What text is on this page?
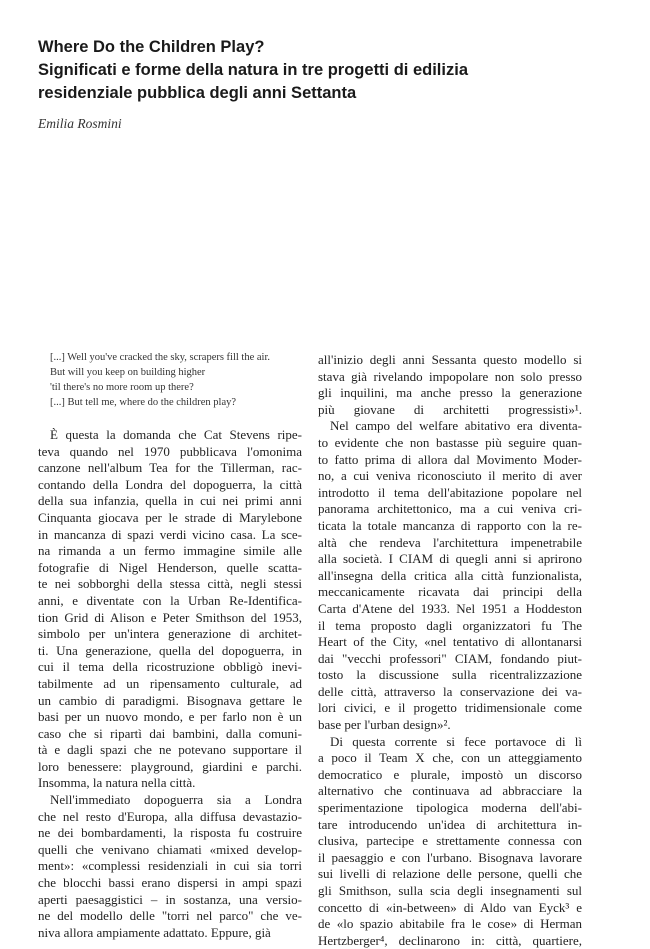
Where Do the Children Play?
Significati e forme della natura in tre progetti di edilizia
residenziale pubblica degli anni Settanta
Emilia Rosmini
[...] Well you've cracked the sky, scrapers fill the air.
But will you keep on building higher
'til there's no more room up there?
[...] But tell me, where do the children play?
È questa la domanda che Cat Stevens ripe-
teva quando nel 1970 pubblicava l'omonima
canzone nell'album Tea for the Tillerman, rac-
contando della Londra del dopoguerra, la città
della sua infanzia, quella in cui nei primi anni
Cinquanta giocava per le strade di Marylebone
in mancanza di spazi verdi vicino casa. La sce-
na rimanda a un fermo immagine simile alle
fotografie di Nigel Henderson, quelle scatta-
te nei sobborghi della stessa città, negli stessi
anni, e diventate con la Urban Re-Identifica-
tion Grid di Alison e Peter Smithson del 1953,
simbolo per un'intera generazione di architet-
ti. Una generazione, quella del dopoguerra, in
cui il tema della ricostruzione obbligò inevi-
tabilmente ad un ripensamento culturale, ad
un cambio di paradigmi. Bisognava gettare le
basi per un nuovo mondo, e per farlo non è un
caso che si ripartì dai bambini, dalla comuni-
tà e dagli spazi che ne potevano supportare il
loro benessere: playground, giardini e parchi.
Insomma, la natura nella città.
Nell'immediato dopoguerra sia a Londra
che nel resto d'Europa, alla diffusa devastazio-
ne dei bombardamenti, la risposta fu costruire
quelli che venivano chiamati «mixed develop-
ment»: «complessi residenziali in cui sia torri
che blocchi bassi erano dispersi in ampi spazi
aperti paesaggistici – in sostanza, una versio-
ne del modello delle "torri nel parco" che ve-
niva allora ampiamente adattato. Eppure, già
all'inizio degli anni Sessanta questo modello si
stava già rivelando impopolare non solo presso
gli inquilini, ma anche presso la generazione
più giovane di architetti progressisti»¹.
Nel campo del welfare abitativo era diventa-
to evidente che non bastasse più seguire quan-
to fatto prima di allora dal Movimento Moder-
no, a cui veniva riconosciuto il merito di aver
introdotto il tema dell'abitazione popolare nel
panorama architettonico, ma a cui veniva cri-
ticata la totale mancanza di rapporto con la re-
altà che rendeva l'architettura impenetrabile
alla società. I CIAM di quegli anni si aprirono
all'insegna della critica alla città funzionalista,
meccanicamente ricavata dai principi della
Carta d'Atene del 1933. Nel 1951 a Hoddeston
il tema proposto dagli organizzatori fu The
Heart of the City, «nel tentativo di allontanarsi
dai "vecchi professori" CIAM, fondando piut-
tosto la discussione sulla ricentralizzazione
delle città, attraverso la conservazione dei va-
lori civici, e il progetto tridimensionale come
base per l'urban design»².
Di questa corrente si fece portavoce di lì
a poco il Team X che, con un atteggiamento
democratico e plurale, impostò un discorso
alternativo che continuava ad abbracciare la
sperimentazione tipologica moderna dell'abi-
tare introducendo un'idea di architettura in-
clusiva, partecipe e strettamente connessa con
il paesaggio e con l'urbano. Bisognava lavorare
sui livelli di relazione delle persone, quelli che
gli Smithson, sulla scia degli insegnamenti sul
concetto di «in-between» di Aldo van Eyck³ e
de «lo spazio abitabile fra le cose» di Herman
Hertzberger⁴, declinarono in: città, quartiere,
